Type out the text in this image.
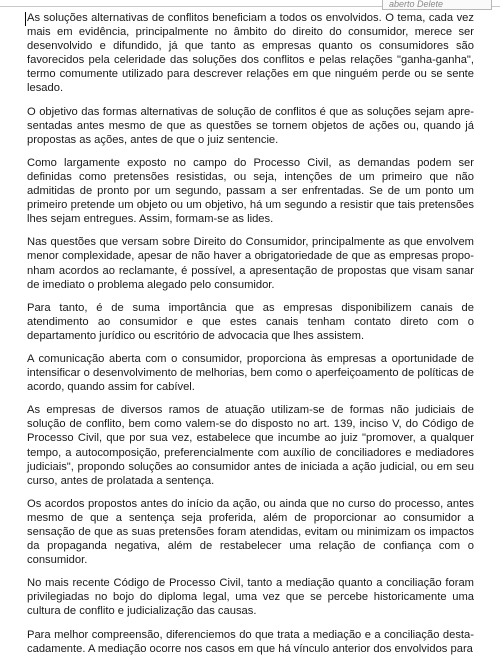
aberto Delete

As soluções alternativas de conflitos beneficiam a todos os envolvidos. O tema, cada vez mais em evidência, principalmente no âmbito do direito do consumidor, merece ser desenvolvido e difundido, já que tanto as empresas quanto os consumidores são favorecidos pela celeridade das soluções dos conflitos e pelas relações "ganha-ganha", termo comumente utilizado para descrever relações em que ninguém perde ou se sente lesado.

O objetivo das formas alternativas de solução de conflitos é que as soluções sejam apresentadas antes mesmo de que as questões se tornem objetos de ações ou, quando já propostas as ações, antes de que o juiz sentencie.

Como largamente exposto no campo do Processo Civil, as demandas podem ser definidas como pretensões resistidas, ou seja, intenções de um primeiro que não admitidas de pronto por um segundo, passam a ser enfrentadas. Se de um ponto um primeiro pretende um objeto ou um objetivo, há um segundo a resistir que tais pretensões lhes sejam entregues. Assim, formam-se as lides.

Nas questões que versam sobre Direito do Consumidor, principalmente as que envolvem menor complexidade, apesar de não haver a obrigatoriedade de que as empresas proponham acordos ao reclamante, é possível, a apresentação de propostas que visam sanar de imediato o problema alegado pelo consumidor.

Para tanto, é de suma importância que as empresas disponibilizem canais de atendimento ao consumidor e que estes canais tenham contato direto com o departamento jurídico ou escritório de advocacia que lhes assistem.

A comunicação aberta com o consumidor, proporciona às empresas a oportunidade de intensificar o desenvolvimento de melhorias, bem como o aperfeiçoamento de políticas de acordo, quando assim for cabível.

As empresas de diversos ramos de atuação utilizam-se de formas não judiciais de solução de conflito, bem como valem-se do disposto no art. 139, inciso V, do Código de Processo Civil, que por sua vez, estabelece que incumbe ao juiz "promover, a qualquer tempo, a autocomposição, preferencialmente com auxílio de conciliadores e mediadores judiciais", propondo soluções ao consumidor antes de iniciada a ação judicial, ou em seu curso, antes de prolatada a sentença.

Os acordos propostos antes do início da ação, ou ainda que no curso do processo, antes mesmo de que a sentença seja proferida, além de proporcionar ao consumidor a sensação de que as suas pretensões foram atendidas, evitam ou minimizam os impactos da propaganda negativa, além de restabelecer uma relação de confiança com o consumidor.

No mais recente Código de Processo Civil, tanto a mediação quanto a conciliação foram privilegiadas no bojo do diploma legal, uma vez que se percebe historicamente uma cultura de conflito e judicialização das causas.

Para melhor compreensão, diferenciemos do que trata a mediação e a conciliação destacadamente. A mediação ocorre nos casos em que há vínculo anterior dos envolvidos para
